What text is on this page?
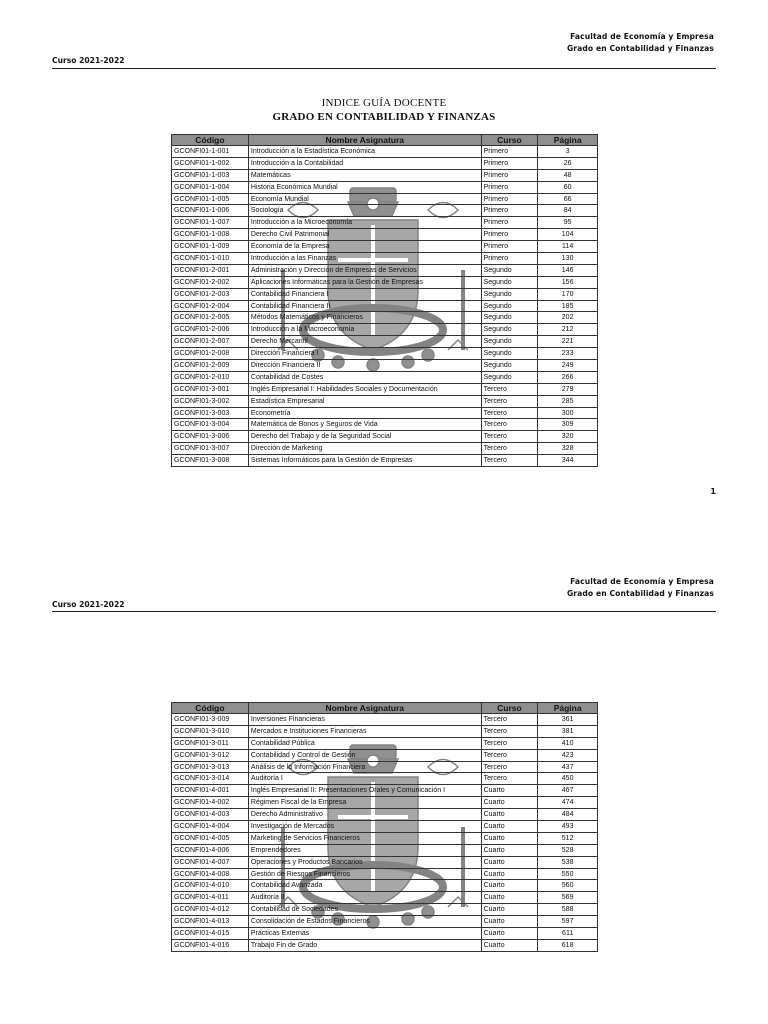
Facultad de Economía y Empresa
Grado en Contabilidad y Finanzas
Curso 2021-2022
INDICE GUÍA DOCENTE
GRADO EN CONTABILIDAD Y FINANZAS
Código	Nombre Asignatura	Curso	Página
GCONFI01-1-001	Introducción a la Estadística Económica	Primero	3
GCONFI01-1-002	Introducción a la Contabilidad	Primero	26
GCONFI01-1-003	Matemáticas	Primero	48
GCONFI01-1-004	Historia Económica Mundial	Primero	60
GCONFI01-1-005	Economía Mundial	Primero	66
GCONFI01-1-006	Sociología	Primero	84
GCONFI01-1-007	Introducción a la Microeconomía	Primero	95
GCONFI01-1-008	Derecho Civil Patrimonial	Primero	104
GCONFI01-1-009	Economía de la Empresa	Primero	114
GCONFI01-1-010	Introducción a las Finanzas	Primero	130
GCONFI01-2-001	Administración y Dirección de Empresas de Servicios	Segundo	146
GCONFI01-2-002	Aplicaciones Informáticas para la Gestión de Empresas	Segundo	156
GCONFI01-2-003	Contabilidad Financiera I	Segundo	170
GCONFI01-2-004	Contabilidad Financiera II	Segundo	185
GCONFI01-2-005	Métodos Matemáticos y Financieros	Segundo	202
GCONFI01-2-006	Introducción a la Macroeconomía	Segundo	212
GCONFI01-2-007	Derecho Mercantil	Segundo	221
GCONFI01-2-008	Dirección Financiera I	Segundo	233
GCONFI01-2-009	Dirección Financiera II	Segundo	249
GCONFI01-2-010	Contabilidad de Costes	Segundo	266
GCONFI01-3-001	Inglés Empresarial I: Habilidades Sociales y Documentación	Tercero	279
GCONFI01-3-002	Estadística Empresarial	Tercero	285
GCONFI01-3-003	Econometría	Tercero	300
GCONFI01-3-004	Matemática de Bonos y Seguros de Vida	Tercero	309
GCONFI01-3-006	Derecho del Trabajo y de la Seguridad Social	Tercero	320
GCONFI01-3-007	Dirección de Marketing	Tercero	328
GCONFI01-3-008	Sistemas Informáticos para la Gestión de Empresas	Tercero	344
1
Facultad de Economía y Empresa
Grado en Contabilidad y Finanzas
Curso 2021-2022
Código	Nombre Asignatura	Curso	Página
GCONFI01-3-009	Inversiones Financieras	Tercero	361
GCONFI01-3-010	Mercados e Instituciones Financieras	Tercero	381
GCONFI01-3-011	Contabilidad Pública	Tercero	410
GCONFI01-3-012	Contabilidad y Control de Gestión	Tercero	423
GCONFI01-3-013	Análisis de la Información Financiera	Tercero	437
GCONFI01-3-014	Auditoría I	Tercero	450
GCONFI01-4-001	Inglés Empresarial II: Presentaciones Orales y Comunicación I	Cuarto	467
GCONFI01-4-002	Régimen Fiscal de la Empresa	Cuarto	474
GCONFI01-4-003	Derecho Administrativo	Cuarto	484
GCONFI01-4-004	Investigación de Mercados	Cuarto	493
GCONFI01-4-005	Marketing de Servicios Financieros	Cuarto	512
GCONFI01-4-006	Emprendedores	Cuarto	528
GCONFI01-4-007	Operaciones y Productos Bancarios	Cuarto	538
GCONFI01-4-008	Gestión de Riesgos Financieros	Cuarto	550
GCONFI01-4-010	Contabilidad Avanzada	Cuarto	560
GCONFI01-4-011	Auditoría II	Cuarto	569
GCONFI01-4-012	Contabilidad de Sociedades	Cuarto	588
GCONFI01-4-013	Consolidación de Estados Financieros	Cuarto	597
GCONFI01-4-015	Prácticas Externas	Cuarto	611
GCONFI01-4-016	Trabajo Fin de Grado	Cuarto	618
